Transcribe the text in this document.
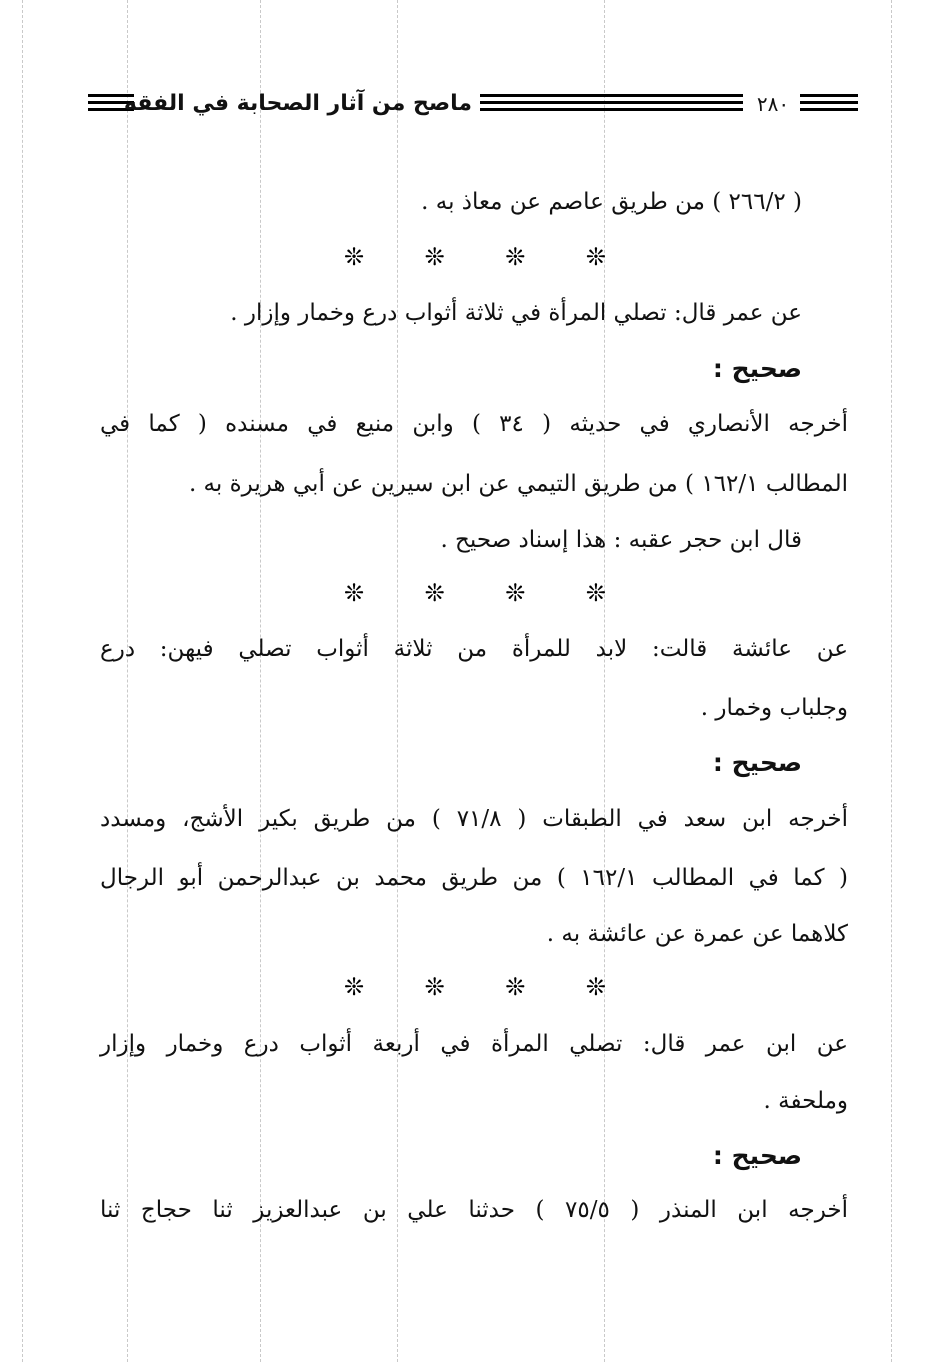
ماصح من آثار الصحابة في الفقه	٢٨٠
( ٢٦٦/٢ ) من طريق عاصم عن معاذ به .
❊	❊	❊	❊
عن عمر قال: تصلي المرأة في ثلاثة أثواب درع وخمار وإزار .
صحيح :
أخرجه الأنصاري في حديثه ( ٣٤ ) وابن منيع في مسنده ( كما في
المطالب ١٦٢/١ ) من طريق التيمي عن ابن سيرين عن أبي هريرة به .
قال ابن حجر عقبه : هذا إسناد صحيح .
❊	❊	❊	❊
عن عائشة قالت: لابد للمرأة من ثلاثة أثواب تصلي فيهن: درع
وجلباب وخمار .
صحيح :
أخرجه ابن سعد في الطبقات ( ٧١/٨ ) من طريق بكير الأشج، ومسدد
( كما في المطالب ١٦٢/١ ) من طريق محمد بن عبدالرحمن أبو الرجال
كلاهما عن عمرة عن عائشة به .
❊	❊	❊	❊
عن ابن عمر قال: تصلي المرأة في أربعة أثواب درع وخمار وإزار
وملحفة .
صحيح :
أخرجه ابن المنذر ( ٧٥/٥ ) حدثنا علي بن عبدالعزيز ثنا حجاج ثنا
